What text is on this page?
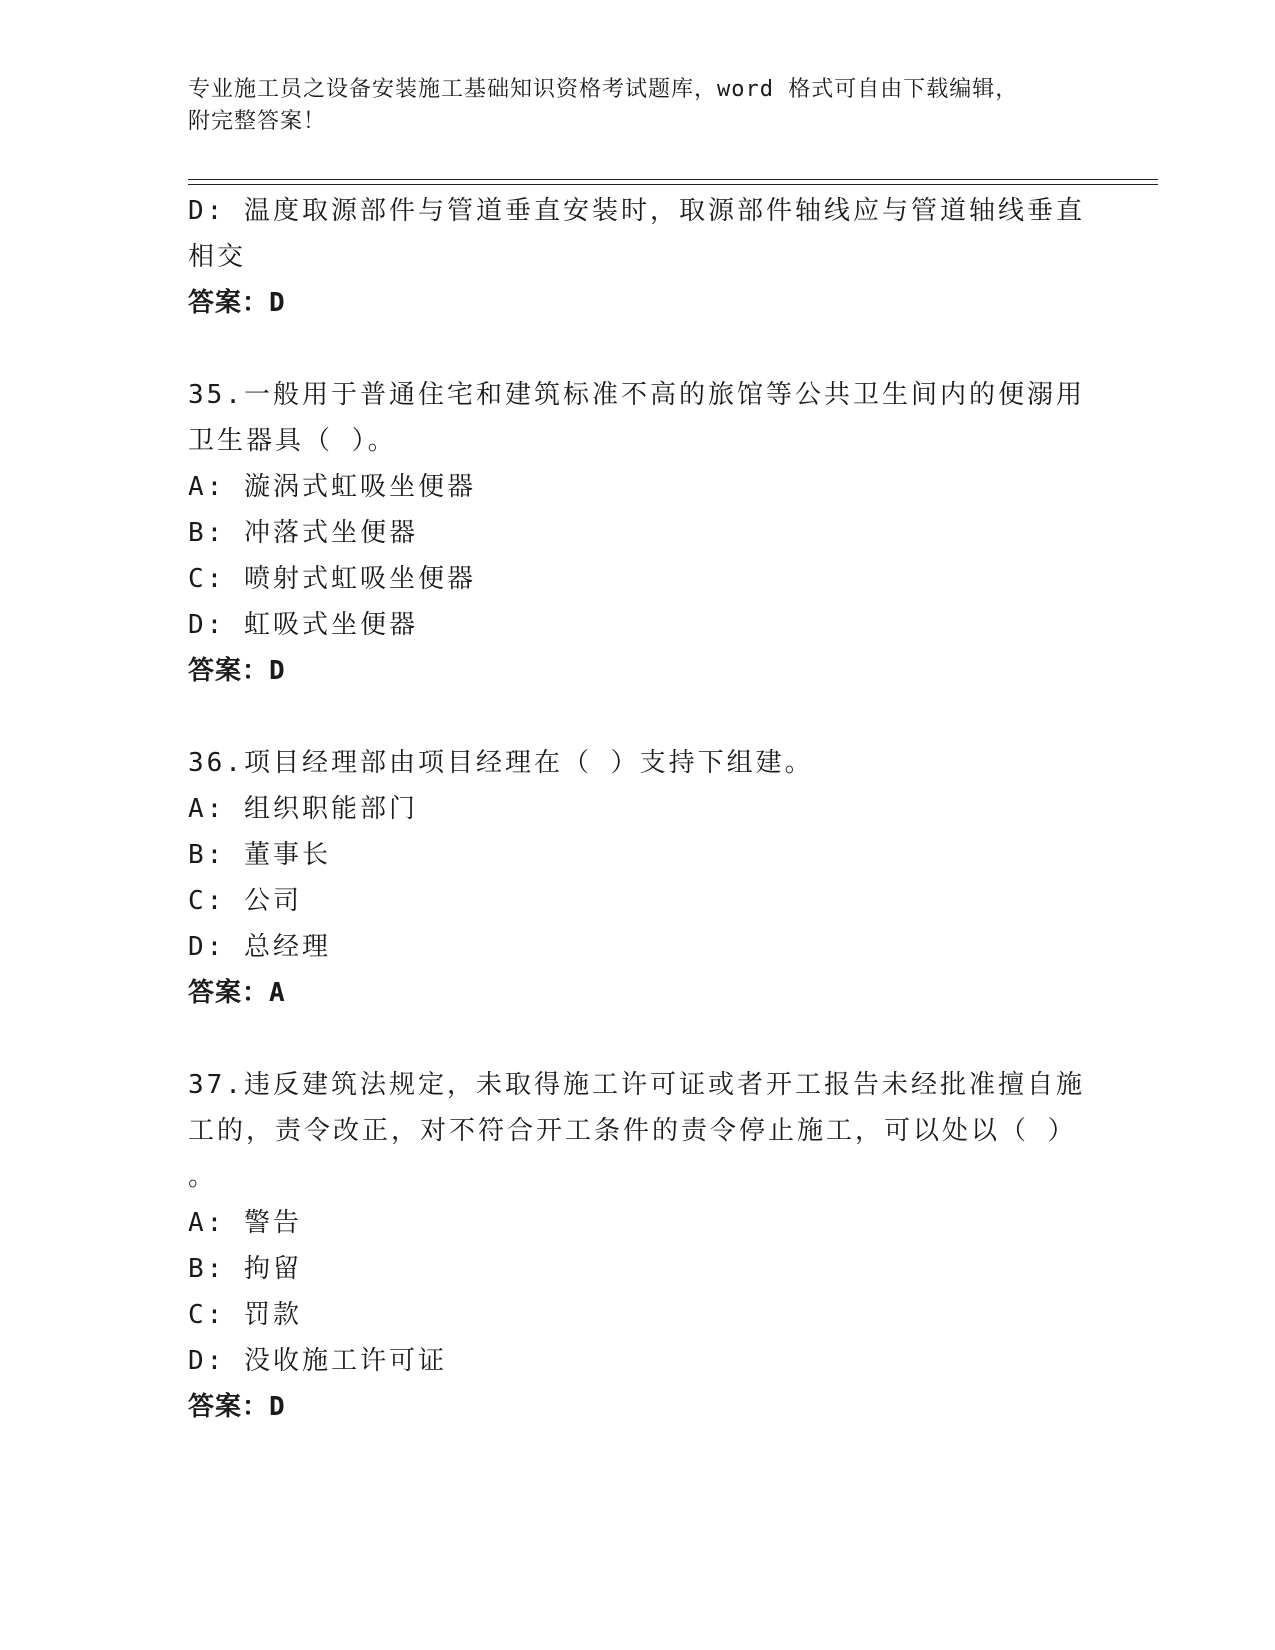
专业施工员之设备安装施工基础知识资格考试题库，word 格式可自由下载编辑，
附完整答案！
D: 温度取源部件与管道垂直安装时，取源部件轴线应与管道轴线垂直
相交
答案：D
35.一般用于普通住宅和建筑标准不高的旅馆等公共卫生间内的便溺用
卫生器具（ ）。
A: 漩涡式虹吸坐便器
B: 冲落式坐便器
C: 喷射式虹吸坐便器
D: 虹吸式坐便器
答案：D
36.项目经理部由项目经理在（ ）支持下组建。
A: 组织职能部门
B: 董事长
C: 公司
D: 总经理
答案：A
37.违反建筑法规定，未取得施工许可证或者开工报告未经批准擅自施
工的，责令改正，对不符合开工条件的责令停止施工，可以处以（ ）
。
A: 警告
B: 拘留
C: 罚款
D: 没收施工许可证
答案：D
